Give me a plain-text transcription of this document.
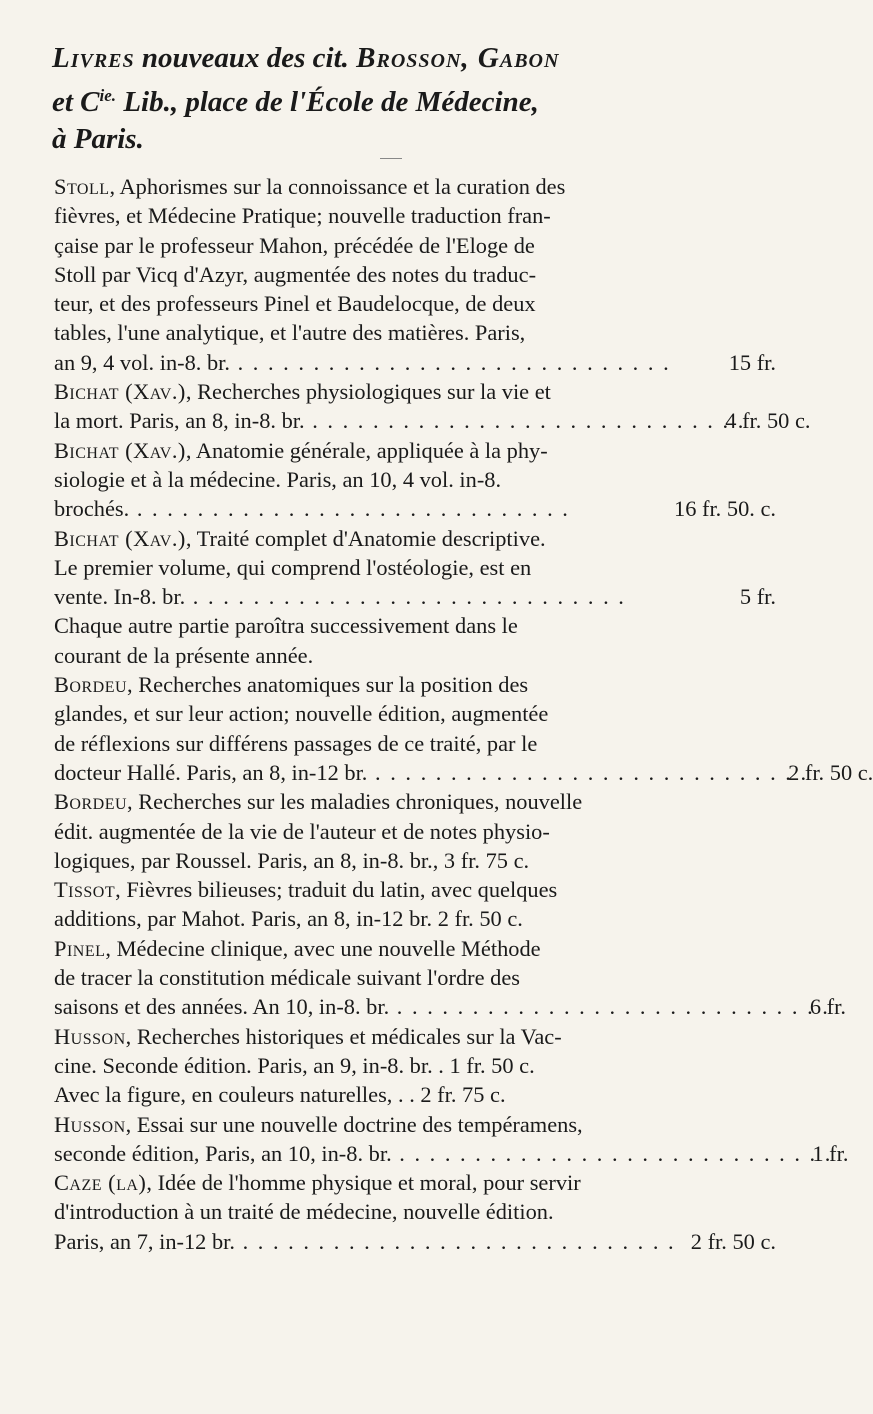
Livres nouveaux des cit. Brosson, Gabon
et $C^{ie.}$ Lib., place de l'École de Médecine,
à Paris.
Stoll, Aphorismes sur la connoissance et la curation des
fièvres, et Médecine Pratique; nouvelle traduction fran-
çaise par le professeur Mahon, précédée de l'Eloge de
Stoll par Vicq d'Azyr, augmentée des notes du traduc-
teur, et des professeurs Pinel et Baudelocque, de deux
tables, l'une analytique, et l'autre des matières. Paris,
an 9, 4 vol. in-8. br. . . .	15 fr.
Bichat (Xav.), Recherches physiologiques sur la vie et
la mort. Paris, an 8, in-8. br. . . .	4 fr. 50 c.
Bichat (Xav.), Anatomie générale, appliquée à la phy-
siologie et à la médecine. Paris, an 10, 4 vol. in-8.
brochés. . . .	16 fr. 50. c.
Bichat (Xav.), Traité complet d'Anatomie descriptive.
Le premier volume, qui comprend l'ostéologie, est en
vente. In-8. br. . . .	5 fr.
Chaque autre partie paroîtra successivement dans le
courant de la présente année.
Bordeu, Recherches anatomiques sur la position des
glandes, et sur leur action; nouvelle édition, augmentée
de réflexions sur différens passages de ce traité, par le
docteur Hallé. Paris, an 8, in-12 br. . . .	2 fr. 50 c.
Bordeu, Recherches sur les maladies chroniques, nouvelle
édit. augmentée de la vie de l'auteur et de notes physio-
logiques, par Roussel. Paris, an 8, in-8. br., 3 fr. 75 c.
Tissot, Fièvres bilieuses; traduit du latin, avec quelques
additions, par Mahot. Paris, an 8, in-12 br. 2 fr. 50 c.
Pinel, Médecine clinique, avec une nouvelle Méthode
de tracer la constitution médicale suivant l'ordre des
saisons et des années. An 10, in-8. br. . . .	6 fr.
Husson, Recherches historiques et médicales sur la Vac-
cine. Seconde édition. Paris, an 9, in-8. br. . 1 fr. 50 c.
Avec la figure, en couleurs naturelles, . . 2 fr. 75 c.
Husson, Essai sur une nouvelle doctrine des tempéramens,
seconde édition, Paris, an 10, in-8. br. . . .	1 fr.
Caze (la), Idée de l'homme physique et moral, pour servir
d'introduction à un traité de médecine, nouvelle édition.
Paris, an 7, in-12 br. . . .	2 fr. 50 c.
